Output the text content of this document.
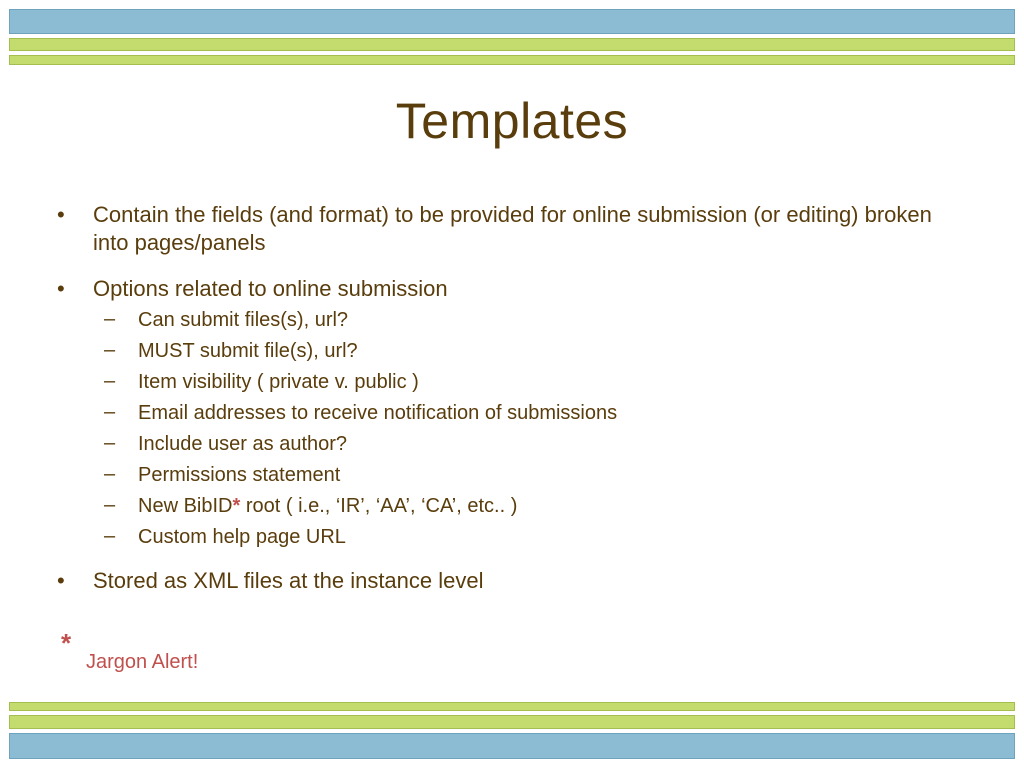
Templates
• Contain the fields (and format) to be provided for online submission (or editing) broken into pages/panels
• Options related to online submission
– Can submit files(s), url?
– MUST submit file(s), url?
– Item visibility ( private v. public )
– Email addresses to receive notification of submissions
– Include user as author?
– Permissions statement
– New BibID* root ( i.e., ‘IR’, ‘AA’, ‘CA’, etc.. )
– Custom help page URL
• Stored as XML files at the instance level
*
Jargon Alert!
